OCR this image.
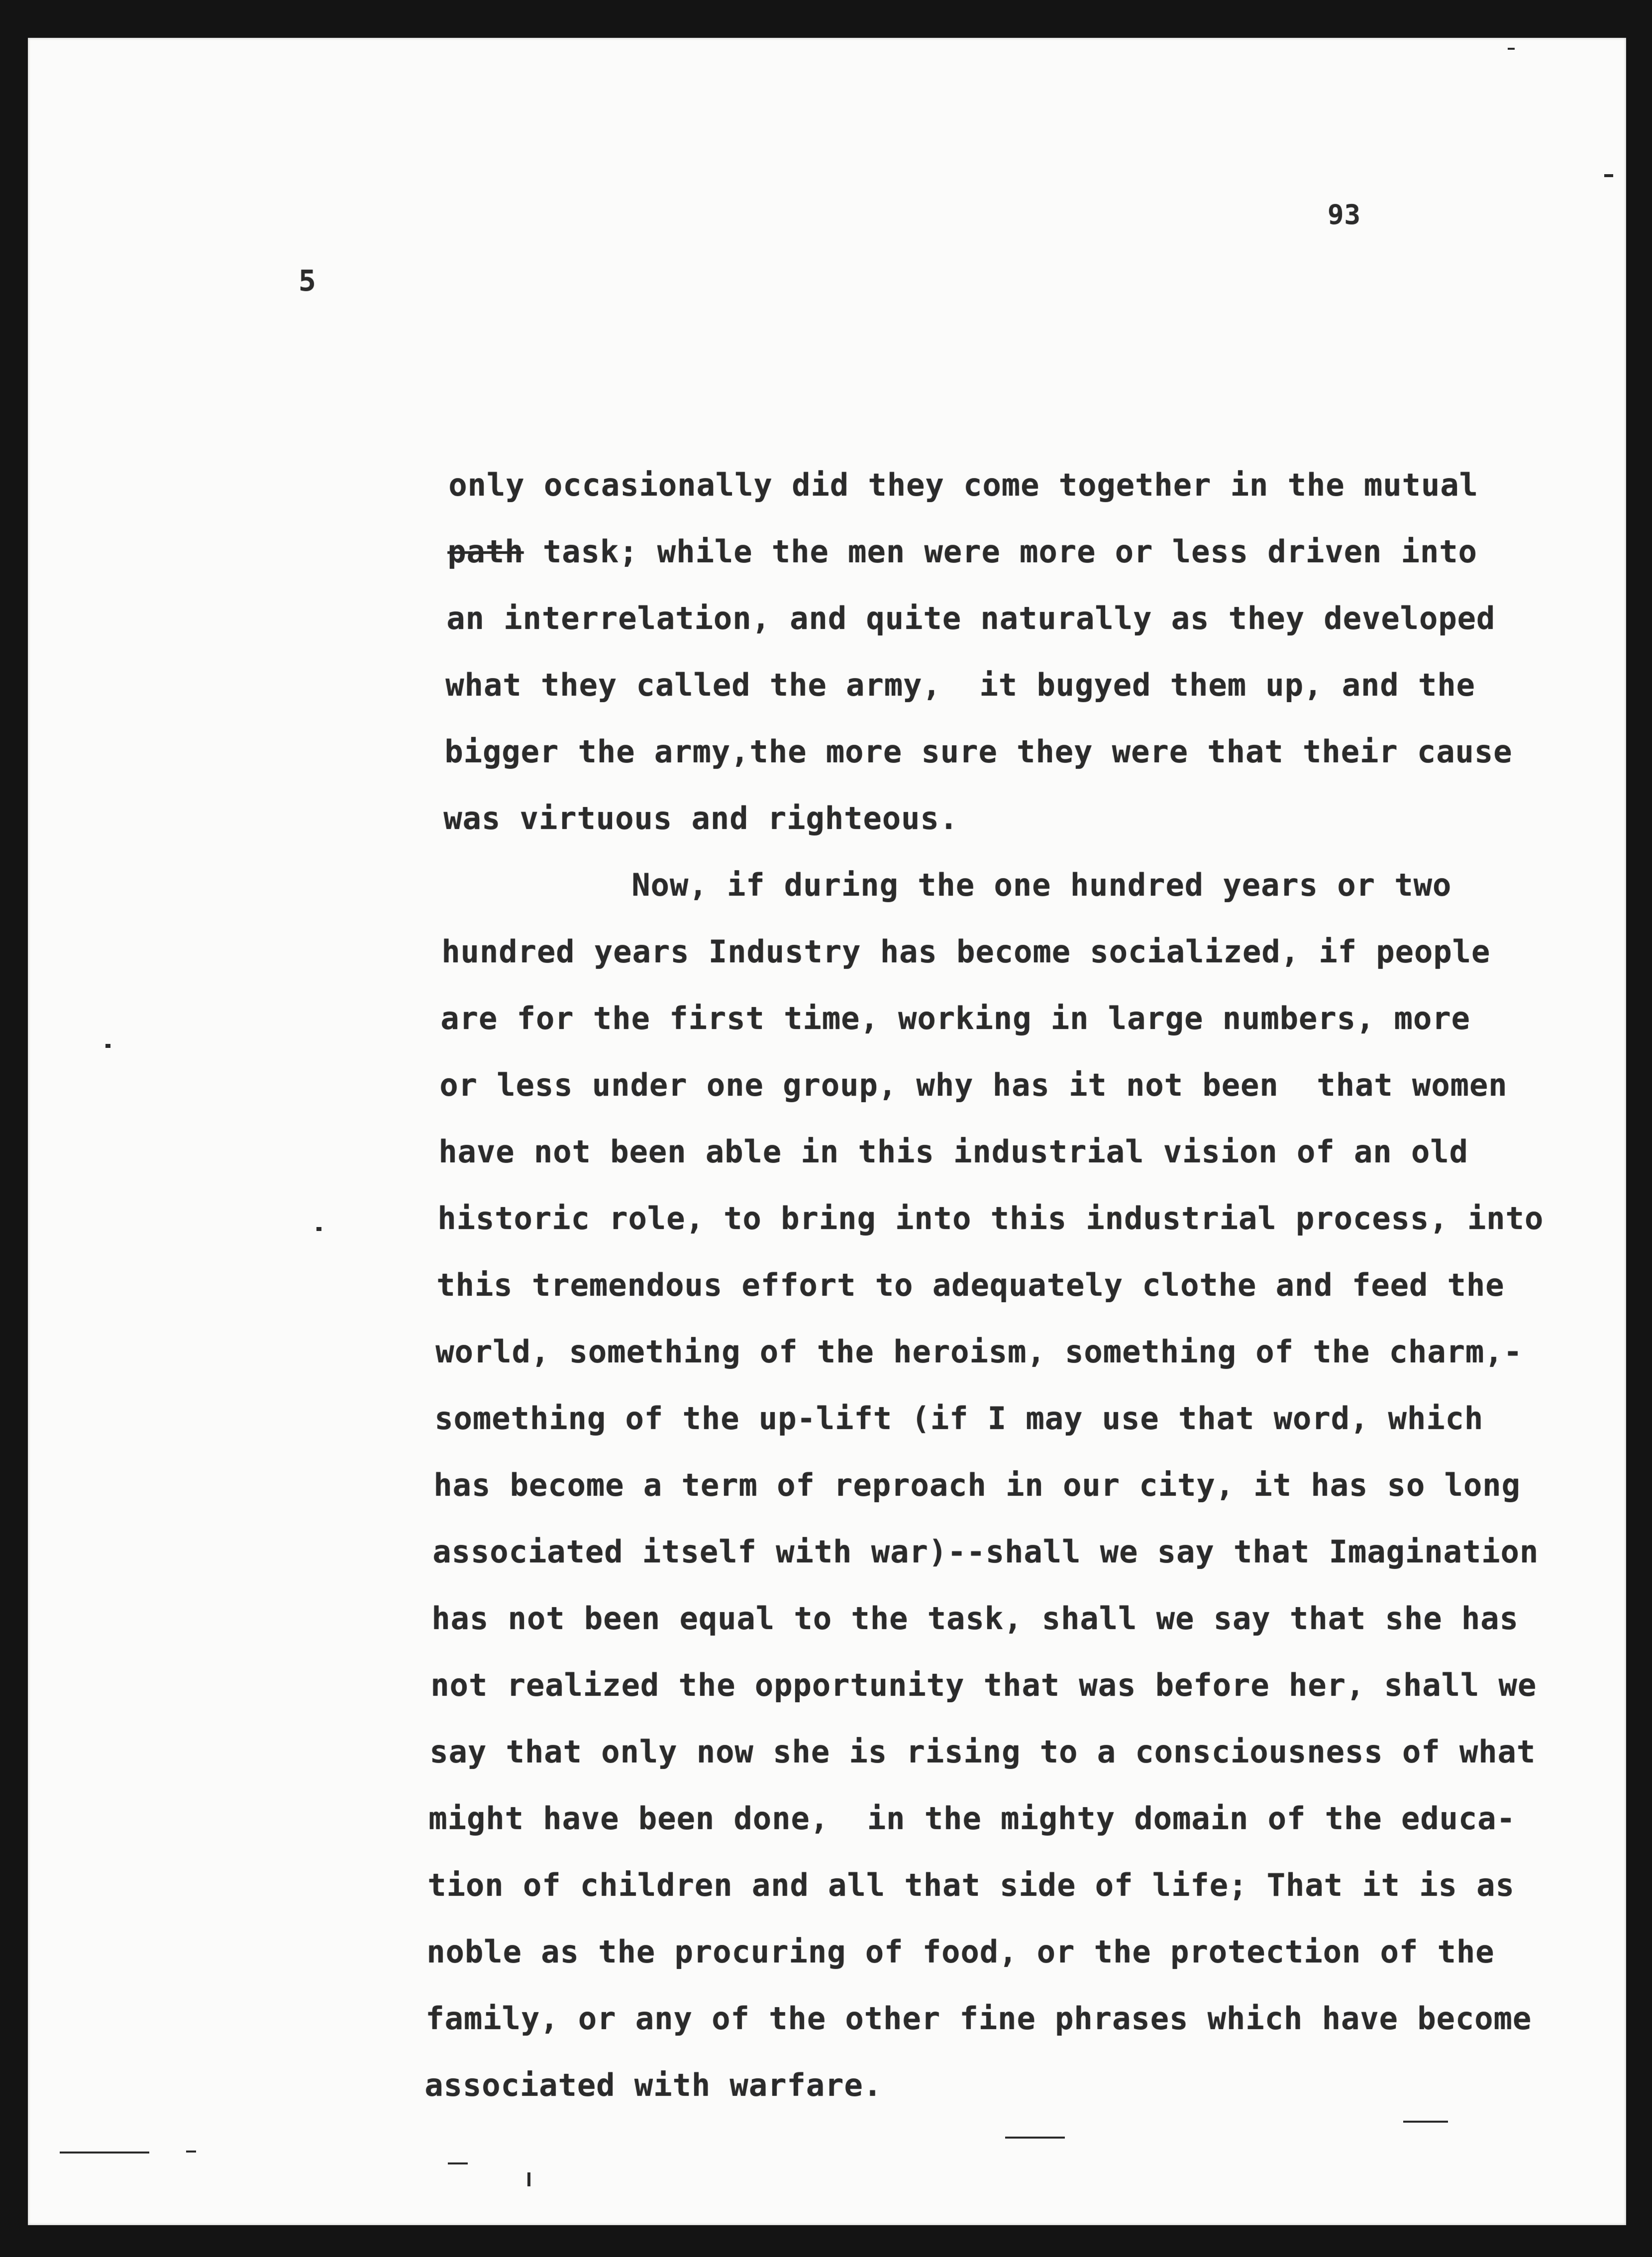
93
5

only occasionally did they come together in the mutual

path task; while the men were more or less driven into

an interrelation, and quite naturally as they developed

what they called the army,  it bugyed them up, and the

bigger the army,the more sure they were that their cause

was virtuous and righteous.

Now, if during the one hundred years or two

hundred years Industry has become socialized, if people

are for the first time, working in large numbers, more

or less under one group, why has it not been  that women

have not been able in this industrial vision of an old

historic role, to bring into this industrial process, into

this tremendous effort to adequately clothe and feed the

world, something of the heroism, something of the charm,-

something of the up-lift (if I may use that word, which

has become a term of reproach in our city, it has so long

associated itself with war)--shall we say that Imagination

has not been equal to the task, shall we say that she has

not realized the opportunity that was before her, shall we

say that only now she is rising to a consciousness of what

might have been done,  in the mighty domain of the educa-

tion of children and all that side of life; That it is as

noble as the procuring of food, or the protection of the

family, or any of the other fine phrases which have become

associated with warfare.
